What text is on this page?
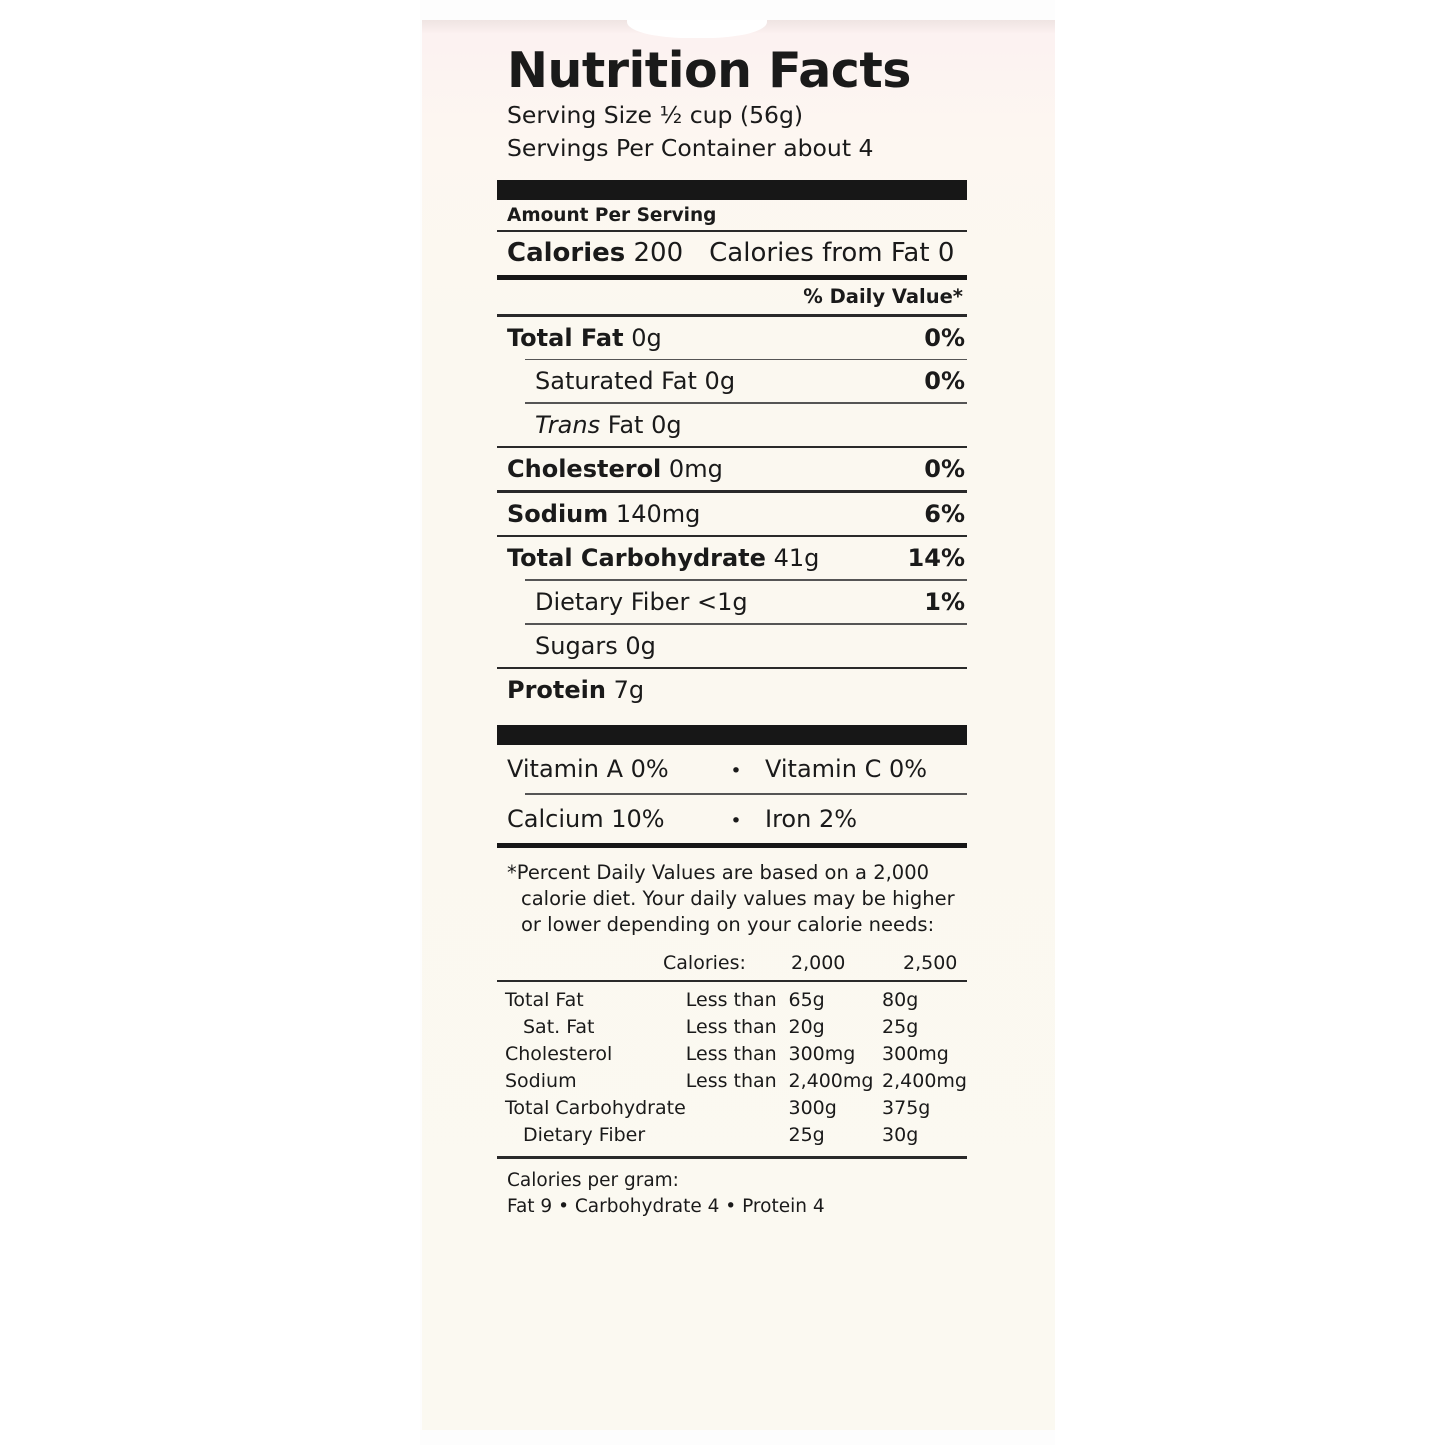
Nutrition Facts
Serving Size ½ cup (56g)
Servings Per Container about 4
Amount Per Serving
Calories 200 Calories from Fat 0
% Daily Value*
Total Fat 0g	0%
Saturated Fat 0g	0%
Trans Fat 0g
Cholesterol 0mg	0%
Sodium 140mg	6%
Total Carbohydrate 41g	14%
Dietary Fiber <1g	1%
Sugars 0g
Protein 7g
Vitamin A 0%	• Vitamin C 0%
Calcium 10%	• Iron 2%
*Percent Daily Values are based on a 2,000
calorie diet. Your daily values may be higher
or lower depending on your calorie needs:
	Calories:	2,000	2,500
Total Fat	Less than	65g	80g
Sat. Fat	Less than	20g	25g
Cholesterol	Less than	300mg	300mg
Sodium	Less than	2,400mg	2,400mg
Total Carbohydrate		300g	375g
Dietary Fiber		25g	30g
Calories per gram:
Fat 9 • Carbohydrate 4 • Protein 4
